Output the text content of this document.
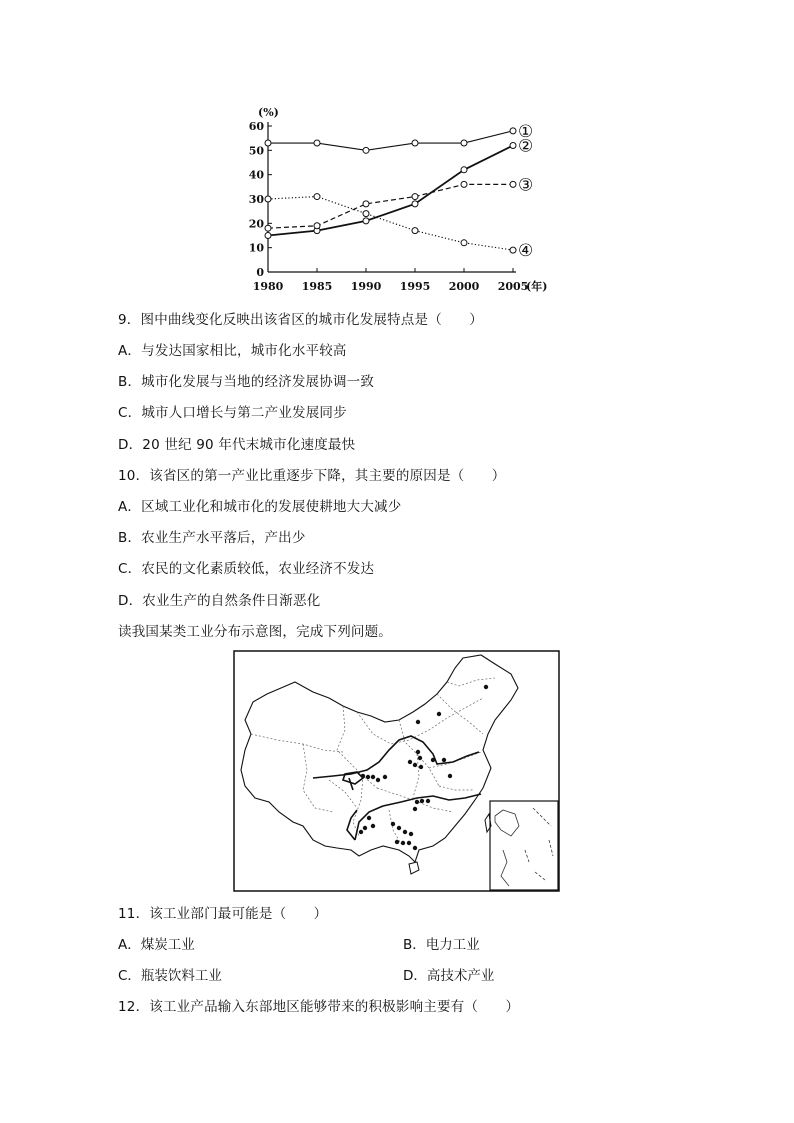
0
10
20
30
40
50
60
(%)
1980 1985 1990 1995 2000 2005
(年)
①
②
③
④
9．图中曲线变化反映出该省区的城市化发展特点是（　　）
A．与发达国家相比，城市化水平较高
B．城市化发展与当地的经济发展协调一致
C．城市人口增长与第二产业发展同步
D．20 世纪 90 年代末城市化速度最快
10．该省区的第一产业比重逐步下降，其主要的原因是（　　）
A．区域工业化和城市化的发展使耕地大大减少
B．农业生产水平落后，产出少
C．农民的文化素质较低，农业经济不发达
D．农业生产的自然条件日渐恶化
读我国某类工业分布示意图，完成下列问题。
11．该工业部门最可能是（　　）
A．煤炭工业	B．电力工业
C．瓶装饮料工业	D．高技术产业
12．该工业产品输入东部地区能够带来的积极影响主要有（　　）
